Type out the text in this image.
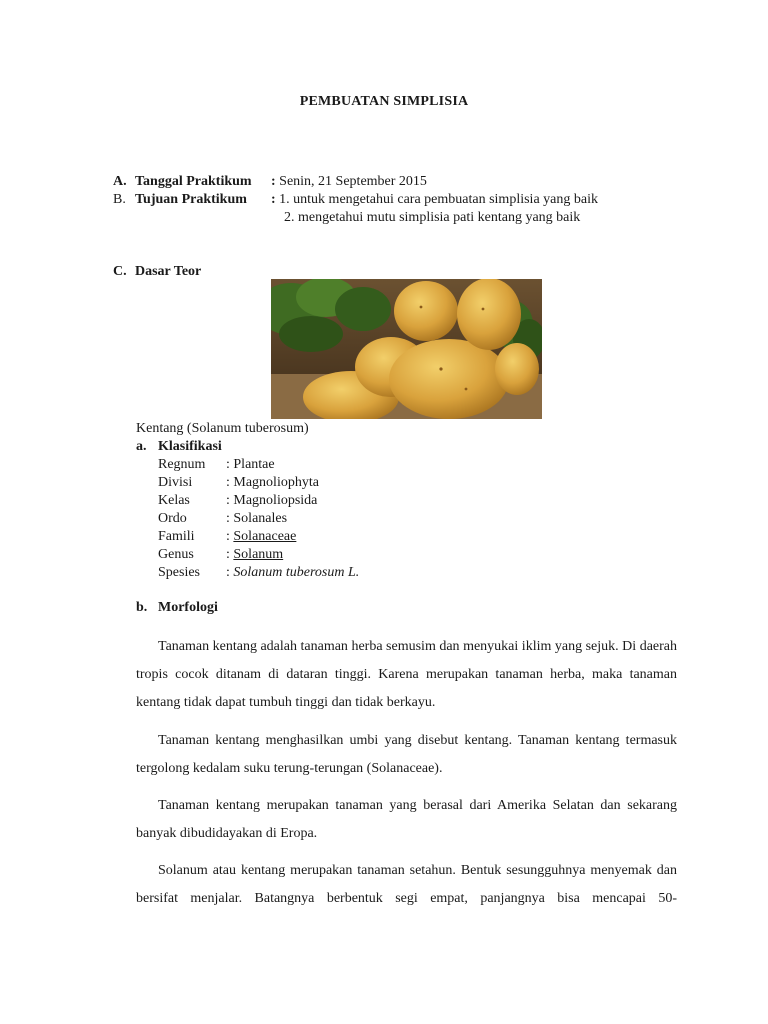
PEMBUATAN SIMPLISIA
A. Tanggal Praktikum : Senin, 21 September 2015
B. Tujuan Praktikum : 1. untuk mengetahui cara pembuatan simplisia yang baik
2. mengetahui mutu simplisia pati kentang yang baik
C. Dasar Teor
Kentang (Solanum tuberosum)
a. Klasifikasi
Regnum : Plantae
Divisi : Magnoliophyta
Kelas	: Magnoliopsida
Ordo	: Solanales
Famili : Solanaceae
Genus : Solanum
Spesies : Solanum tuberosum L.
b. Morfologi
Tanaman kentang adalah tanaman herba semusim dan menyukai iklim yang sejuk. Di daerah tropis cocok ditanam di dataran tinggi. Karena merupakan tanaman herba, maka tanaman kentang tidak dapat tumbuh tinggi dan tidak berkayu.
Tanaman kentang menghasilkan umbi yang disebut kentang. Tanaman kentang termasuk tergolong kedalam suku terung-terungan (Solanaceae).
Tanaman kentang merupakan tanaman yang berasal dari Amerika Selatan dan sekarang banyak dibudidayakan di Eropa.
Solanum atau kentang merupakan tanaman setahun. Bentuk sesungguhnya menyemak dan bersifat menjalar. Batangnya berbentuk segi empat, panjangnya bisa mencapai 50-
